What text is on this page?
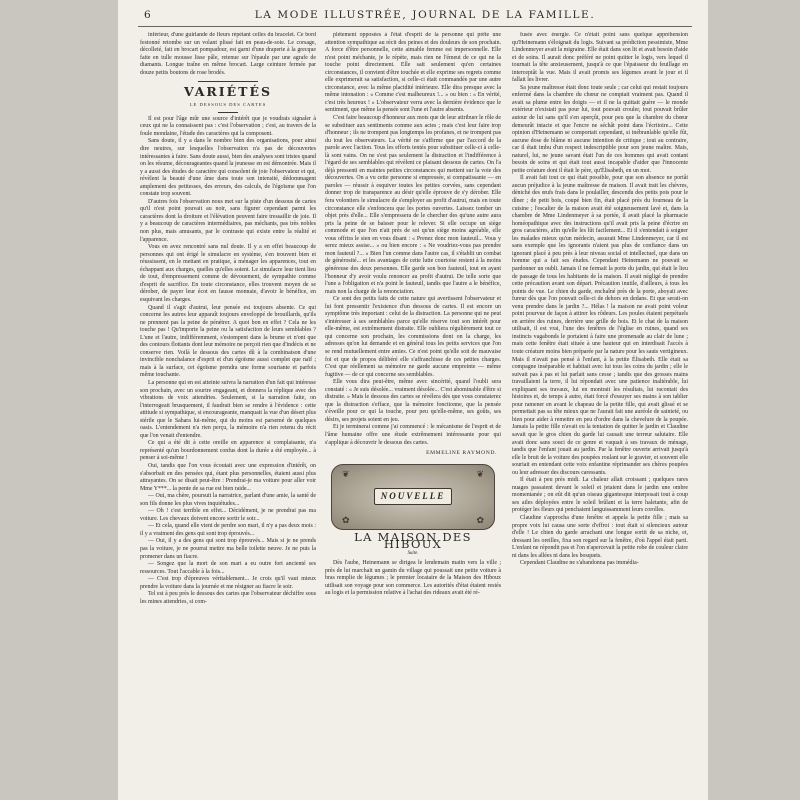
6	LA MODE ILLUSTRÉE, JOURNAL DE LA FAMILLE.

inférieur, d'une guirlande de fleurs répétant celles du bracelet. Ce bord festonné retombe sur un volant plissé fait en peau-de-soie. Le corsage, décolleté, fait en brocart pompadour, est garni d'une draperie à la grecque faite en tulle mousse lisse pâle, retenue sur l'épaule par une agrafe de diamants. Longue traîne en même brocart. Large ceinture fermée par douze petits boutons de rose brodés.

VARIÉTÉS
LE DESSOUS DES CARTES

Il est pour l'âge mûr une source d'intérêt que je voudrais signaler à ceux qui ne la connaissent pas : c'est l'observation ; c'est, au travers de la foule mondaine, l'étude des caractères qui la composent.

Sans doute, il y a dans le nombre bien des organisations, pour ainsi dire neutres, sur lesquelles l'observation n'a pas de découvertes intéressantes à faire. Sans doute aussi, bien des analyses sont tristes quand on les résume, décourageantes quand la jeunesse en est démontrée. Mais il y a aussi des études de caractère qui consolent de joie l'observateur et qui, révèlent la beauté d'une âme dans toute son intensité, dédommagent amplement des petitesses, des erreurs, des calculs, de l'égoïsme que l'on constate trop souvent.

D'autres fois l'observation nous met sur la piste d'un dessous de cartes qu'il n'est point pouvait au noir, sans figurer cependant parmi les caractères dont la droiture et l'élévation peuvent faire tressaillir de joie. Il y a beaucoup de caractères intermédiaires, pas méchants, pas très nobles non plus, mais amusants, par le contraste qui existe entre la réalité et l'apparence.

Vous en avez rencontré sans nul doute. Il y a en effet beaucoup de personnes qui ont érigé le simulacre en système, s'en trouvent bien et réussissent, en le mettant en pratique, à ménager les apparences, tout en échappant aux charges, quelles qu'elles soient. Le simulacre leur tient lieu de tout, d'empressement comme de dévouement, de sympathie comme d'esprit de sacrifice. En toute circonstance, elles trouvent moyen de se dérober, de payer leur écot en fausse monnaie, d'avoir le bénéfice, en esquivant les charges.

Quand il s'agit d'autrui, leur pensée est toujours absente. Ce qui concerne les autres leur apparaît toujours enveloppé de brouillards, qu'ils ne prennent pas la peine de pénétrer. A quoi bon en effet ? Cela ne les touche pas ! Qu'importe la peine ou la satisfaction de leurs semblables ? L'une et l'autre, indifféremment, s'estompent dans la brume et n'ont que des contours flottants dont leur mémoire ne perçoit rien que d'indécis et ne conserve rien. Voilà le dessous des cartes dû à la combinaison d'une invincible nonchalance d'esprit et d'un égoïsme aussi complet que naïf ; mais à la surface, cet égoïsme prendra une forme souriante et parfois même touchante.

La personne qui en est atteinte suivra la narration d'un fait qui intéresse son prochain, avec un sourire engageant, et donnera la réplique avec des vibrations de voix attendries. Seulement, si la narration faite, on l'interrogeait brusquement, il faudrait bien se rendre à l'évidence : cette attitude si sympathique, si encourageante, manquait la vue d'un désert plus stérile que le Sahara lui-même, qui du moins est parsemé de quelques oasis. L'entendement n'a rien perçu, la mémoire n'a rien retenu du récit que l'on venait d'entendre.

Ce qui a été dit à cette oreille en apparence si complaisante, n'a représenté qu'un bourdonnement confus dont la durée a été employée... à penser à soi-même !

Oui, tandis que l'on vous écoutait avec une expression d'intérêt, on s'absorbait en des pensées qui, étant plus personnelles, étaient aussi plus attrayantes. On se disait peut-être : Prendrai-je ma voiture pour aller voir Mme Y***... la pente de sa rue est bien raide...

— Oui, ma chère, poursuit la narratrice, parlant d'une amie, la santé de son fils donne les plus vives inquiétudes...

— Oh ! c'est terrible en effet... Décidément, je ne prendrai pas ma voiture. Les chevaux doivent encore sortir le soir...

— Et cela, quand elle vient de perdre son mari, il n'y a pas deux mois : il y a vraiment des gens qui sont trop éprouvés...

— Oui, il y a des gens qui sont trop éprouvés... Mais si je ne prends pas la voiture, je ne pourrai mettre ma belle toilette neuve. Je ne puis la promener dans un fiacre.

— Songez que la mort de son mari a eu outre fort ancienté ses ressources. Tout l'accable à la fois...

— C'est trop d'épreuves véritablement... Je crois qu'il vaut mieux prendre la voiture dans la journée et me résigner au fiacre le soir.

Tel est à peu près le dessous des cartes que l'observateur déchiffre sous les mines attendries, si com-

plètement opposées à l'état d'esprit de la personne qui prête une attention sympathique au récit des peines et des douleurs de son prochain. A force d'être personnelle, cette aimable femme est impersonnelle. Elle n'est point méchante, je le répète, mais rien ne l'émeut de ce qui ne la touche point directement. Elle sait seulement qu'en certaines circonstances, il convient d'être touchée et elle exprime ses regrets comme elle exprimerait sa satisfaction, si celle-ci était commandée par une autre circonstance, avec la même placidité intérieure. Elle dira presque avec la même intonation : « Comme c'est malheureux !... » ou bien : « En vérité, c'est très heureux ! » L'observateur verra avec la dernière évidence que le sentiment, que même la pensée sont l'une et l'autre absents.

C'est faire beaucoup d'honneur aux mots que de leur attribuer le rôle de se substituer aux sentiments comme aux actes ; mais c'est leur faire trop d'honneur ; ils ne trompent pas longtemps les profanes, et ne trompent pas du tout les observateurs. La vérité ne s'affirme que par l'accord de la parole avec l'action. Tous les efforts tentés pour substituer celle-ci à celle-là sont vains. On ne s'est pas seulement la distraction et l'indifférence à l'égard de ses semblables qui révèlent ce plaisant dessous de cartes. On l'a déjà pressenti en maintes petites circonstances qui mettent sur la voie des découvertes. On a vu cette personne si empressée, si compatissante — en paroles — réussir à esquiver toutes les petites corvées, sans cependant donner trop de transparence au désir qu'elle éprouve de s'y dérober. Elle fera volontiers le simulacre de s'employer au profit d'autrui, mais en toute circonstance elle s'enfoncera que les portes ouvertes. Laissez tomber un objet près d'elle... Elle s'empressera de le chercher des qu'une autre aura pris la peine de se baisser pour le relever. Si elle occupe un siège commode et que l'on n'ait près de soi qu'un siège moins agréable, elle vous offrira le sien en vous disant : « Prenez donc mon fauteuil... Vous y serez mieux assise... » ou bien encore : « Ne voudriez-vous pas prendre mon fauteuil ?... » Bien l'un comme dans l'autre cas, il s'établit un combat de générosité... et les avantages de cette lutte courtoise restent à la moins généreuse des deux personnes. Elle garde son bon fauteuil, tout en ayant l'honneur d'y avoir voulu renoncer au profit d'autrui. De telle sorte que l'une a l'obligation et n'a point le fauteuil, tandis que l'autre a le bénéfice, mais non la charge de la renonciation.

Ce sont des petits faits de cette nature qui avertissent l'observateur et lui font pressentir l'existence d'un dessous de cartes. Il est encore un symptôme très important : celui de la distraction. La personne qui ne peut s'intéresser à ses semblables parce qu'elle réserve tout son intérêt pour elle-même, est extrêmement distraite. Elle oubliera régulièrement tout ce qui concerne son prochain, les commissions dont on la charge, les adresses qu'on lui demande et en général tous les petits services que l'on se rend mutuellement entre amies. Ce n'est point qu'elle soit de mauvaise foi et que de propos délibéré elle s'affranchisse de ces petites charges. C'est que réellement sa mémoire ne garde aucune empreinte — même fugitive — de ce qui concerne ses semblables.

Elle vous dira peut-être, même avec sincérité, quand l'oubli sera constaté : « Je suis désolée... vraiment désolée... C'est abominable d'être si distraite. » Mais le dessous des cartes se révélera dès que vous constaterez que la distraction s'efface, que la mémoire fonctionne, que la pensée s'éveille pour ce qui la touche, pour peu qu'elle-même, ses goûts, ses désirs, ses projets soient en jeu.

Et je terminerai comme j'ai commencé : le mécanisme de l'esprit et de l'âme humaine offre une étude extrêmement intéressante pour qui s'applique à découvrir le dessous des cartes.

EMMELINE RAYMOND.
❦	❦
✿	✿
NOUVELLE
LA MAISON DES HIBOUX
Suite.

Dès l'aube, Heinemann se dirigea le lendemain matin vers la ville ; près de lui marchait un gamin du village qui poussait une petite voiture à bras remplie de légumes ; le premier locataire de la Maison des Hiboux utilisait son voyage pour son commerce. Les autorités d'état étaient restés au logis et la permission relative à l'achat des rideaux avait été ré-

fusée avec énergie. Ce n'était point sans quelque appréhension qu'Heinemann s'éloignait du logis. Suivant sa prédiction pessimiste, Mme Lindenmeyer avait la migraine. Elle était dans son lit et avait besoin d'aide et de soins. Il aurait donc préféré ne point quitter le logis, vers lequel il tournait la tête anxieusement, jusqu'à ce que l'épaisseur du feuillage en interceptât la vue. Mais il avait promis ses légumes avant le jour et il fallait les livrer.

Sa jeune maîtresse était donc toute seule ; car celui qui restait toujours enfermé dans la chambre du chœur ne comptait vraiment pas. Quand il avait sa plume entre les doigts — et il ne la quittait guère — le monde extérieur n'existait pas pour lui, tout pouvait crouler, tout pouvait brûler autour de lui sans qu'il s'en aperçût, pour peu que la chambre du chœur demeurât intacte et que l'encre ne séchât point dans l'écritoire... Cette opinion d'Heinemann se comportait cependant, si inébranlable qu'elle fût, aucune dose de blâme ni aucune intention de critique ; tout au contraire, car il était imbu d'un respect indescriptible pour son jeune maître. Mais, naturel, lui, ne jeune savant était l'un de ces hommes qui avait contant besoin de soins et qui était tout aussi incapable d'aider que l'innocente petite créature dont il était le père, qu'Élisabeth, en un mot.

Il avait fait tout ce qui était possible, pour que son absence ne portât aucun préjudice à la jeune maîtresse de maison. Il avait trait les chèvres, déniché des œufs frais dans le poulailler, descendu des petits pois pour le dîner ; de petit bois, coupé bien fin, était placé près du fourneau de la cuisine ; l'escalier de la maison avait été soigneusement lavé et, dans la chambre de Mme Lindenmeyer à sa portée, il avait placé la pharmacie homéopathique avec des instructions qu'il avait pris la peine d'écrire en gros caractères, afin qu'elle les lût facilement... Et il s'entendait à soigner les malades mieux qu'un médecin, assurait Mme Lindenmeyer, car il est sans exemple que les ignorants n'aient pas plus de confiance dans un ignorant placé à peu près à leur niveau social et intellectuel, que dans un homme qui a fait ses études. Cependant Heinemann ne pouvait se pardonner un oubli. Jamais il ne fermait la porte du jardin, qui était le lieu de passage de tous les habitants de la maison. Il avait négligé de prendre cette précaution avant son départ. Précaution inutile, d'ailleurs, à tous les points de vue. Le chien du garde, enchaîné près de la porte, aboyait avec fureur dès que l'on pouvait celle-ci de dehors en dedans. Et que serait-on venu prendre dans le jardin ?... Hélas ! la maison ne avait point voleur point pourvue de façon à attirer les rôdeurs. Les poules étaient perpétuels en arrière des ruines, derrière une grille de bois. Et le chat de la maison utilisait, il est vrai, l'une des fenêtres de l'église en ruines, quand ses instincts vagabonds le portaient à faire une promenade au clair de lune ; mais cette fenêtre était située à une hauteur qui en interdisait l'accès à toute créature moins bien préparée par la nature pour les sauts vertigineux. Mais il n'avait pas pensé à l'enfant, à la petite Élisabeth. Elle était sa compagne inséparable et habitait avec lui tous les coins du jardin ; elle le suivait pas à pas et lui parlait sans cesse ; tandis que des grosses mains travaillaient la terre, il lui répondait avec une patience inaltérable, lui expliquant ses travaux, lui en montrait les résultats, lui racontait des histoires et, de temps à autre, était forcé d'essuyer ses mains à son tablier pour ramener en avant le chapeau de la petite fille, qui avait glissé et se permettait pas sa tête mieux que ne l'aurait fait une auréole de sainteté, ou bien pour aider à remettre en peu d'ordre dans la chevelure de la poupée. Jamais la petite fille n'avait eu la tentation de quitter le jardin et Claudine savait que le gros chien du garde lui causait une terreur salutaire. Elle avait donc sans souci de ce genre et vaquait à ses travaux de ménage, tandis que l'enfant jouait au jardin. Par la fenêtre ouverte arrivait jusqu'à elle le bruit de la voiture des poupées roulant sur le gravier, et souvent elle souriait en entendant cette voix enfantine réprimander ses chères poupées ou leur adresser des discours caressants.

Il était à peu près midi. La chaleur allait croissant ; quelques rares nuages passaient devant le soleil et jetaient dans le jardin une ombre momentanée ; on eût dit qu'un oiseau gigantesque interposait tout à coup ses ailes déployées entre le soleil brûlant et la terre haletante, afin de protéger les fleurs qui penchaient languissamment leurs corolles.

Claudine s'approcha d'une fenêtre et appela la petite fille ; mais sa propre voix lui causa une sorte d'effroi : tout était si silencieux autour d'elle ! Le chien du garde arrachant une longue sortit de sa niche, et, dressant les oreilles, fixa son regard sur la fenêtre, d'où l'appel était parti. L'enfant ne répondit pas et l'on n'apercevait la petite robe de couleur claire ni dans les allées ni dans les bosquets.

Cependant Claudine ne s'abandonna pas immédia-
